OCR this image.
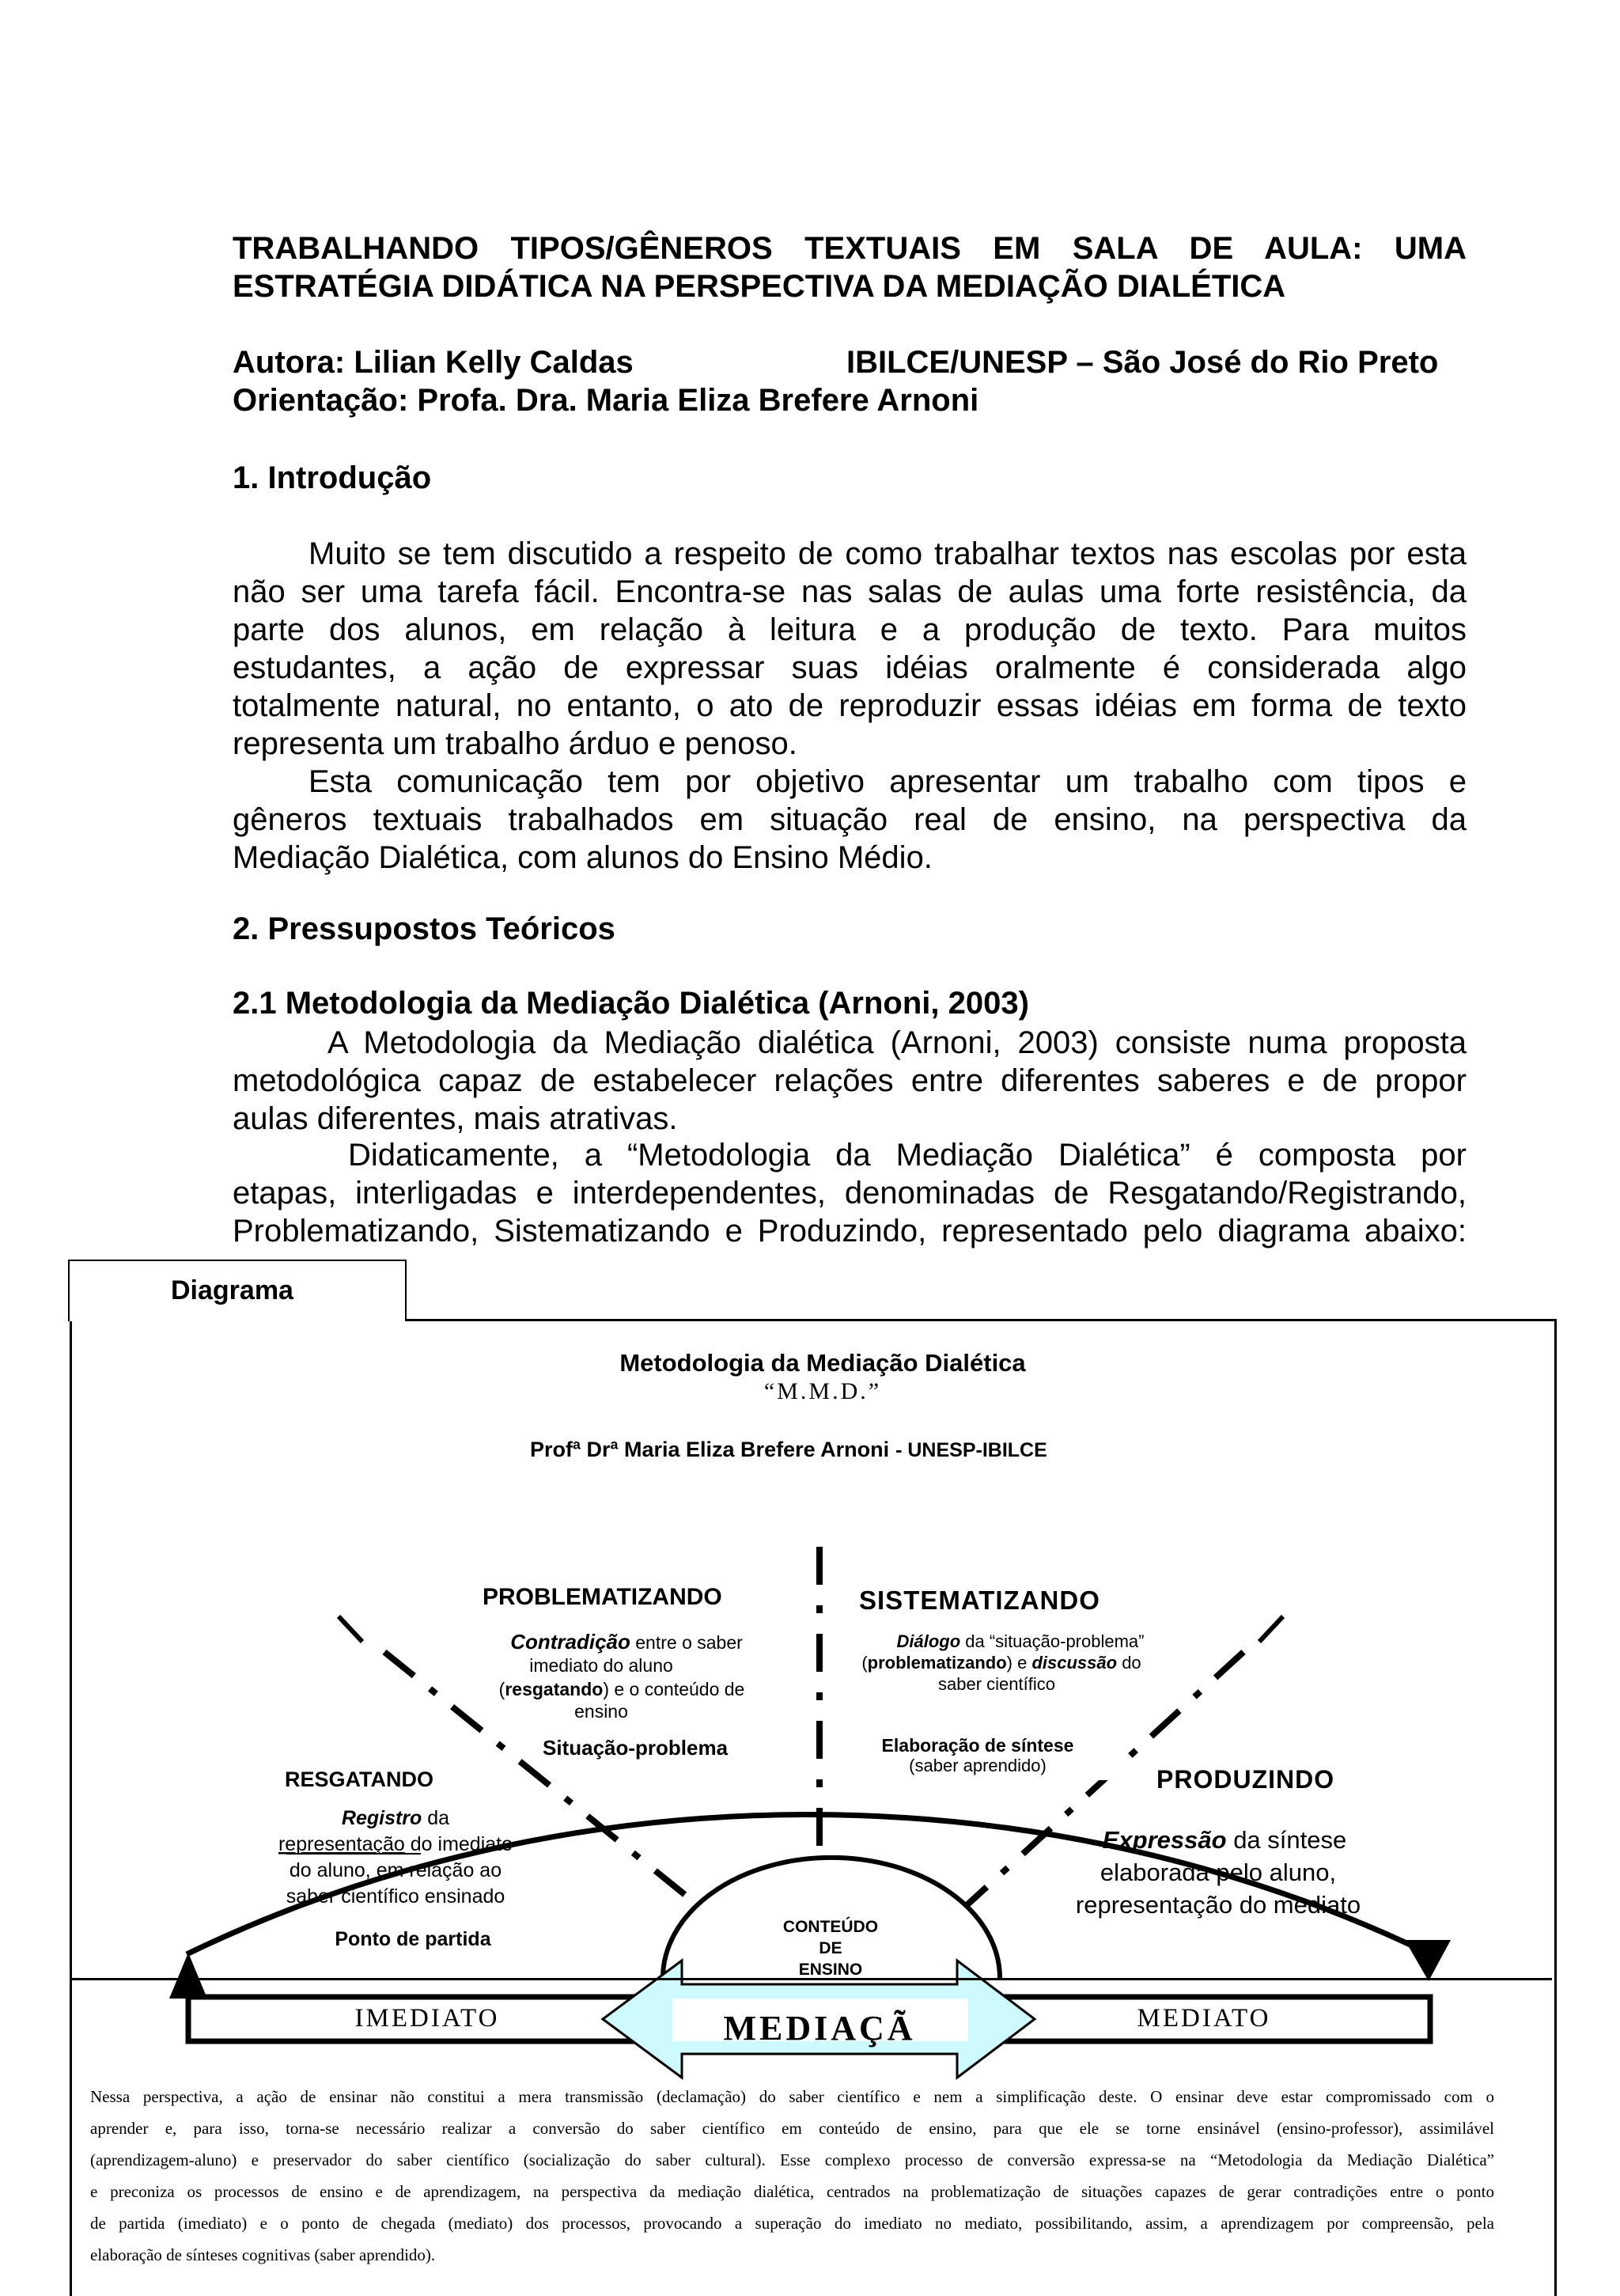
TRABALHANDO TIPOS/GÊNEROS TEXTUAIS EM SALA DE AULA: UMA
ESTRATÉGIA DIDÁTICA NA PERSPECTIVA DA MEDIAÇÃO DIALÉTICA
Autora: Lilian Kelly Caldas	IBILCE/UNESP – São José do Rio Preto
Orientação: Profa. Dra. Maria Eliza Brefere Arnoni
1. Introdução
Muito se tem discutido a respeito de como trabalhar textos nas escolas por esta
não ser uma tarefa fácil. Encontra-se nas salas de aulas uma forte resistência, da
parte dos alunos, em relação à leitura e a produção de texto. Para muitos
estudantes, a ação de expressar suas idéias oralmente é considerada algo
totalmente natural, no entanto, o ato de reproduzir essas idéias em forma de texto
representa um trabalho árduo e penoso.
Esta comunicação tem por objetivo apresentar um trabalho com tipos e
gêneros textuais trabalhados em situação real de ensino, na perspectiva da
Mediação Dialética, com alunos do Ensino Médio.
2. Pressupostos Teóricos
2.1 Metodologia da Mediação Dialética (Arnoni, 2003)
A Metodologia da Mediação dialética (Arnoni, 2003) consiste numa proposta
metodológica capaz de estabelecer relações entre diferentes saberes e de propor
aulas diferentes, mais atrativas.
Didaticamente, a “Metodologia da Mediação Dialética” é composta por
etapas, interligadas e interdependentes, denominadas de Resgatando/Registrando,
Problematizando, Sistematizando e Produzindo, representado pelo diagrama abaixo:
Diagrama
Metodologia da Mediação Dialética
“M.M.D.”
Profª Drª Maria Eliza Brefere Arnoni - UNESP-IBILCE
CONTEÚDO
DE
ENSINO
PROBLEMATIZANDO
Contradição entre o saber
imediato do aluno
(resgatando) e o conteúdo de
ensino
Situação-problema
SISTEMATIZANDO
Diálogo da “situação-problema”
(problematizando) e discussão do
saber científico
Elaboração de síntese
(saber aprendido)
RESGATANDO
Registro da
representação do imediato
do aluno, em relação ao
saber científico ensinado
Ponto de partida
PRODUZINDO
Expressão da síntese
elaborada pelo aluno,
representação do mediato
IMEDIATO	MEDIATO
MEDIAÇÃ
Nessa perspectiva, a ação de ensinar não constitui a mera transmissão (declamação) do saber científico e nem a simplificação deste. O ensinar deve estar compromissado com o
aprender e, para isso, torna-se necessário realizar a conversão do saber científico em conteúdo de ensino, para que ele se torne ensinável (ensino-professor), assimilável
(aprendizagem-aluno) e preservador do saber científico (socialização do saber cultural). Esse complexo processo de conversão expressa-se na “Metodologia da Mediação Dialética”
e preconiza os processos de ensino e de aprendizagem, na perspectiva da mediação dialética, centrados na problematização de situações capazes de gerar contradições entre o ponto
de partida (imediato) e o ponto de chegada (mediato) dos processos, provocando a superação do imediato no mediato, possibilitando, assim, a aprendizagem por compreensão, pela
elaboração de sínteses cognitivas (saber aprendido).
